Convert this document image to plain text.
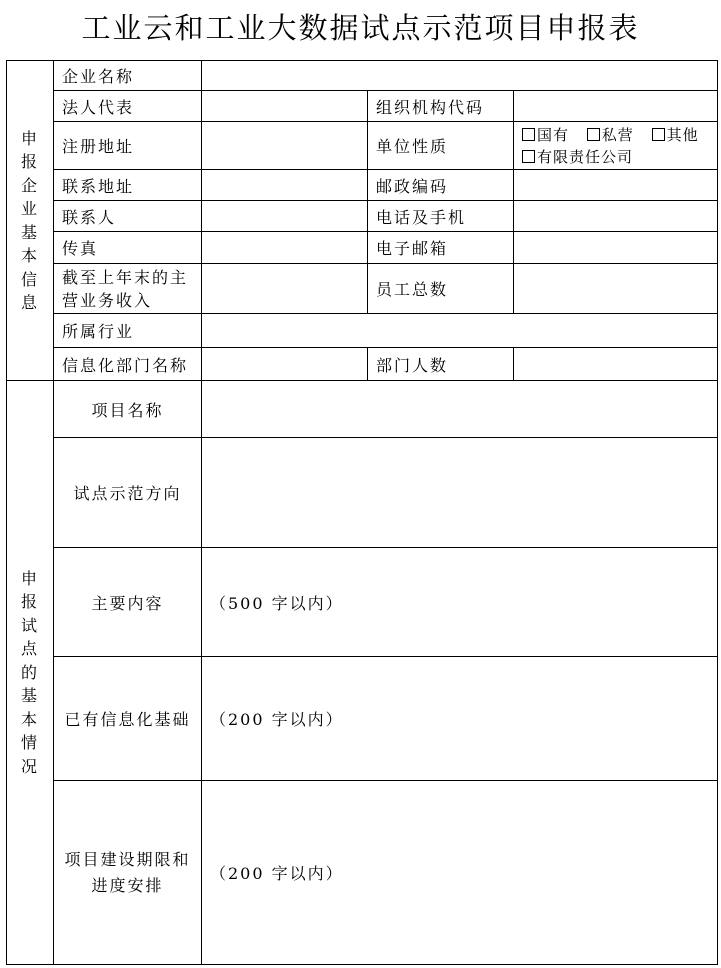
工业云和工业大数据试点示范项目申报表
申报企业基本信息	企业名称			
	法人代表		组织机构代码	
	注册地址		单位性质	国有 私营 其他
有限责任公司

	联系地址		邮政编码	
	联系人		电话及手机	
	传真		电子邮箱	
	截至上年末的主营业务收入		员工总数	
	所属行业			
	信息化部门名称		部门人数	
申报试点的基本情况	项目名称			
	试点示范方向			
	主要内容	（500 字以内）		
	已有信息化基础	（200 字以内）		
	项目建设期限和进度安排	（200 字以内）		
